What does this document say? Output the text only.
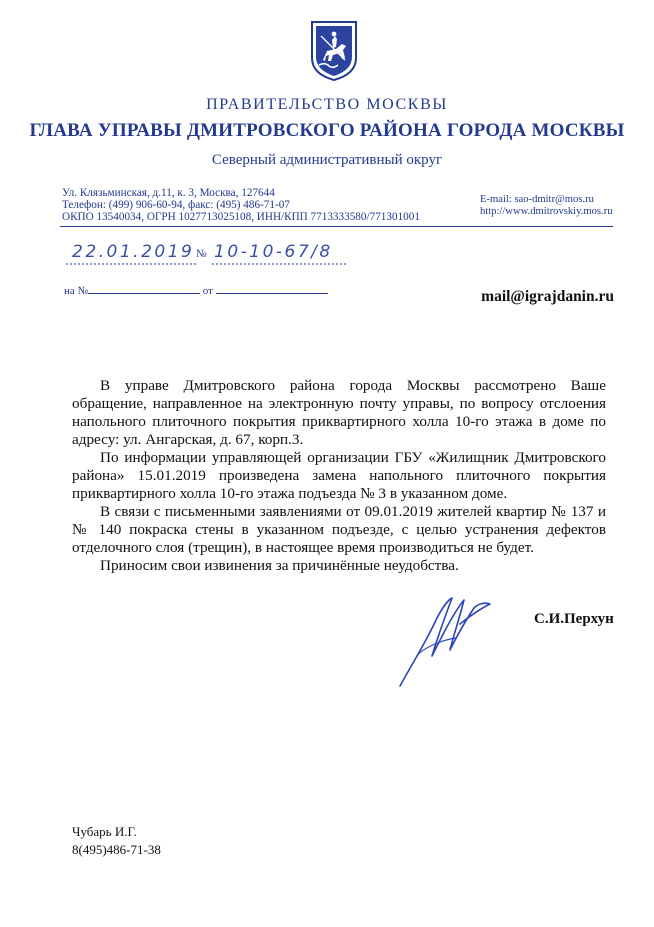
ПРАВИТЕЛЬСТВО МОСКВЫ
ГЛАВА УПРАВЫ ДМИТРОВСКОГО РАЙОНА ГОРОДА МОСКВЫ
Северный административный округ
Ул. Клязьминская, д.11, к. 3, Москва, 127644
Телефон: (499) 906-60-94, факс: (495) 486-71-07
ОКПО 13540034, ОГРН 1027713025108, ИНН/КПП 7713333580/771301001
E-mail: sao-dmitr@mos.ru
http://www.dmitrovskiy.mos.ru
22.01.2019 № 10-10-67/8
на №	от	mail@igrajdanin.ru

В управе Дмитровского района города Москвы рассмотрено Ваше обращение, направленное на электронную почту управы, по вопросу отслоения напольного плиточного покрытия приквартирного холла 10-го этажа в доме по адресу: ул. Ангарская, д. 67, корп.3.

По информации управляющей организации ГБУ «Жилищник Дмитровского района» 15.01.2019 произведена замена напольного плиточного покрытия приквартирного холла 10-го этажа подъезда № 3 в указанном доме.

В связи с письменными заявлениями от 09.01.2019 жителей квартир № 137 и № 140 покраска стены в указанном подъезде, с целью устранения дефектов отделочного слоя (трещин), в настоящее время производиться не будет.

Приносим свои извинения за причинённые неудобства.

С.И.Перхун
Чубарь И.Г.
8(495)486-71-38
